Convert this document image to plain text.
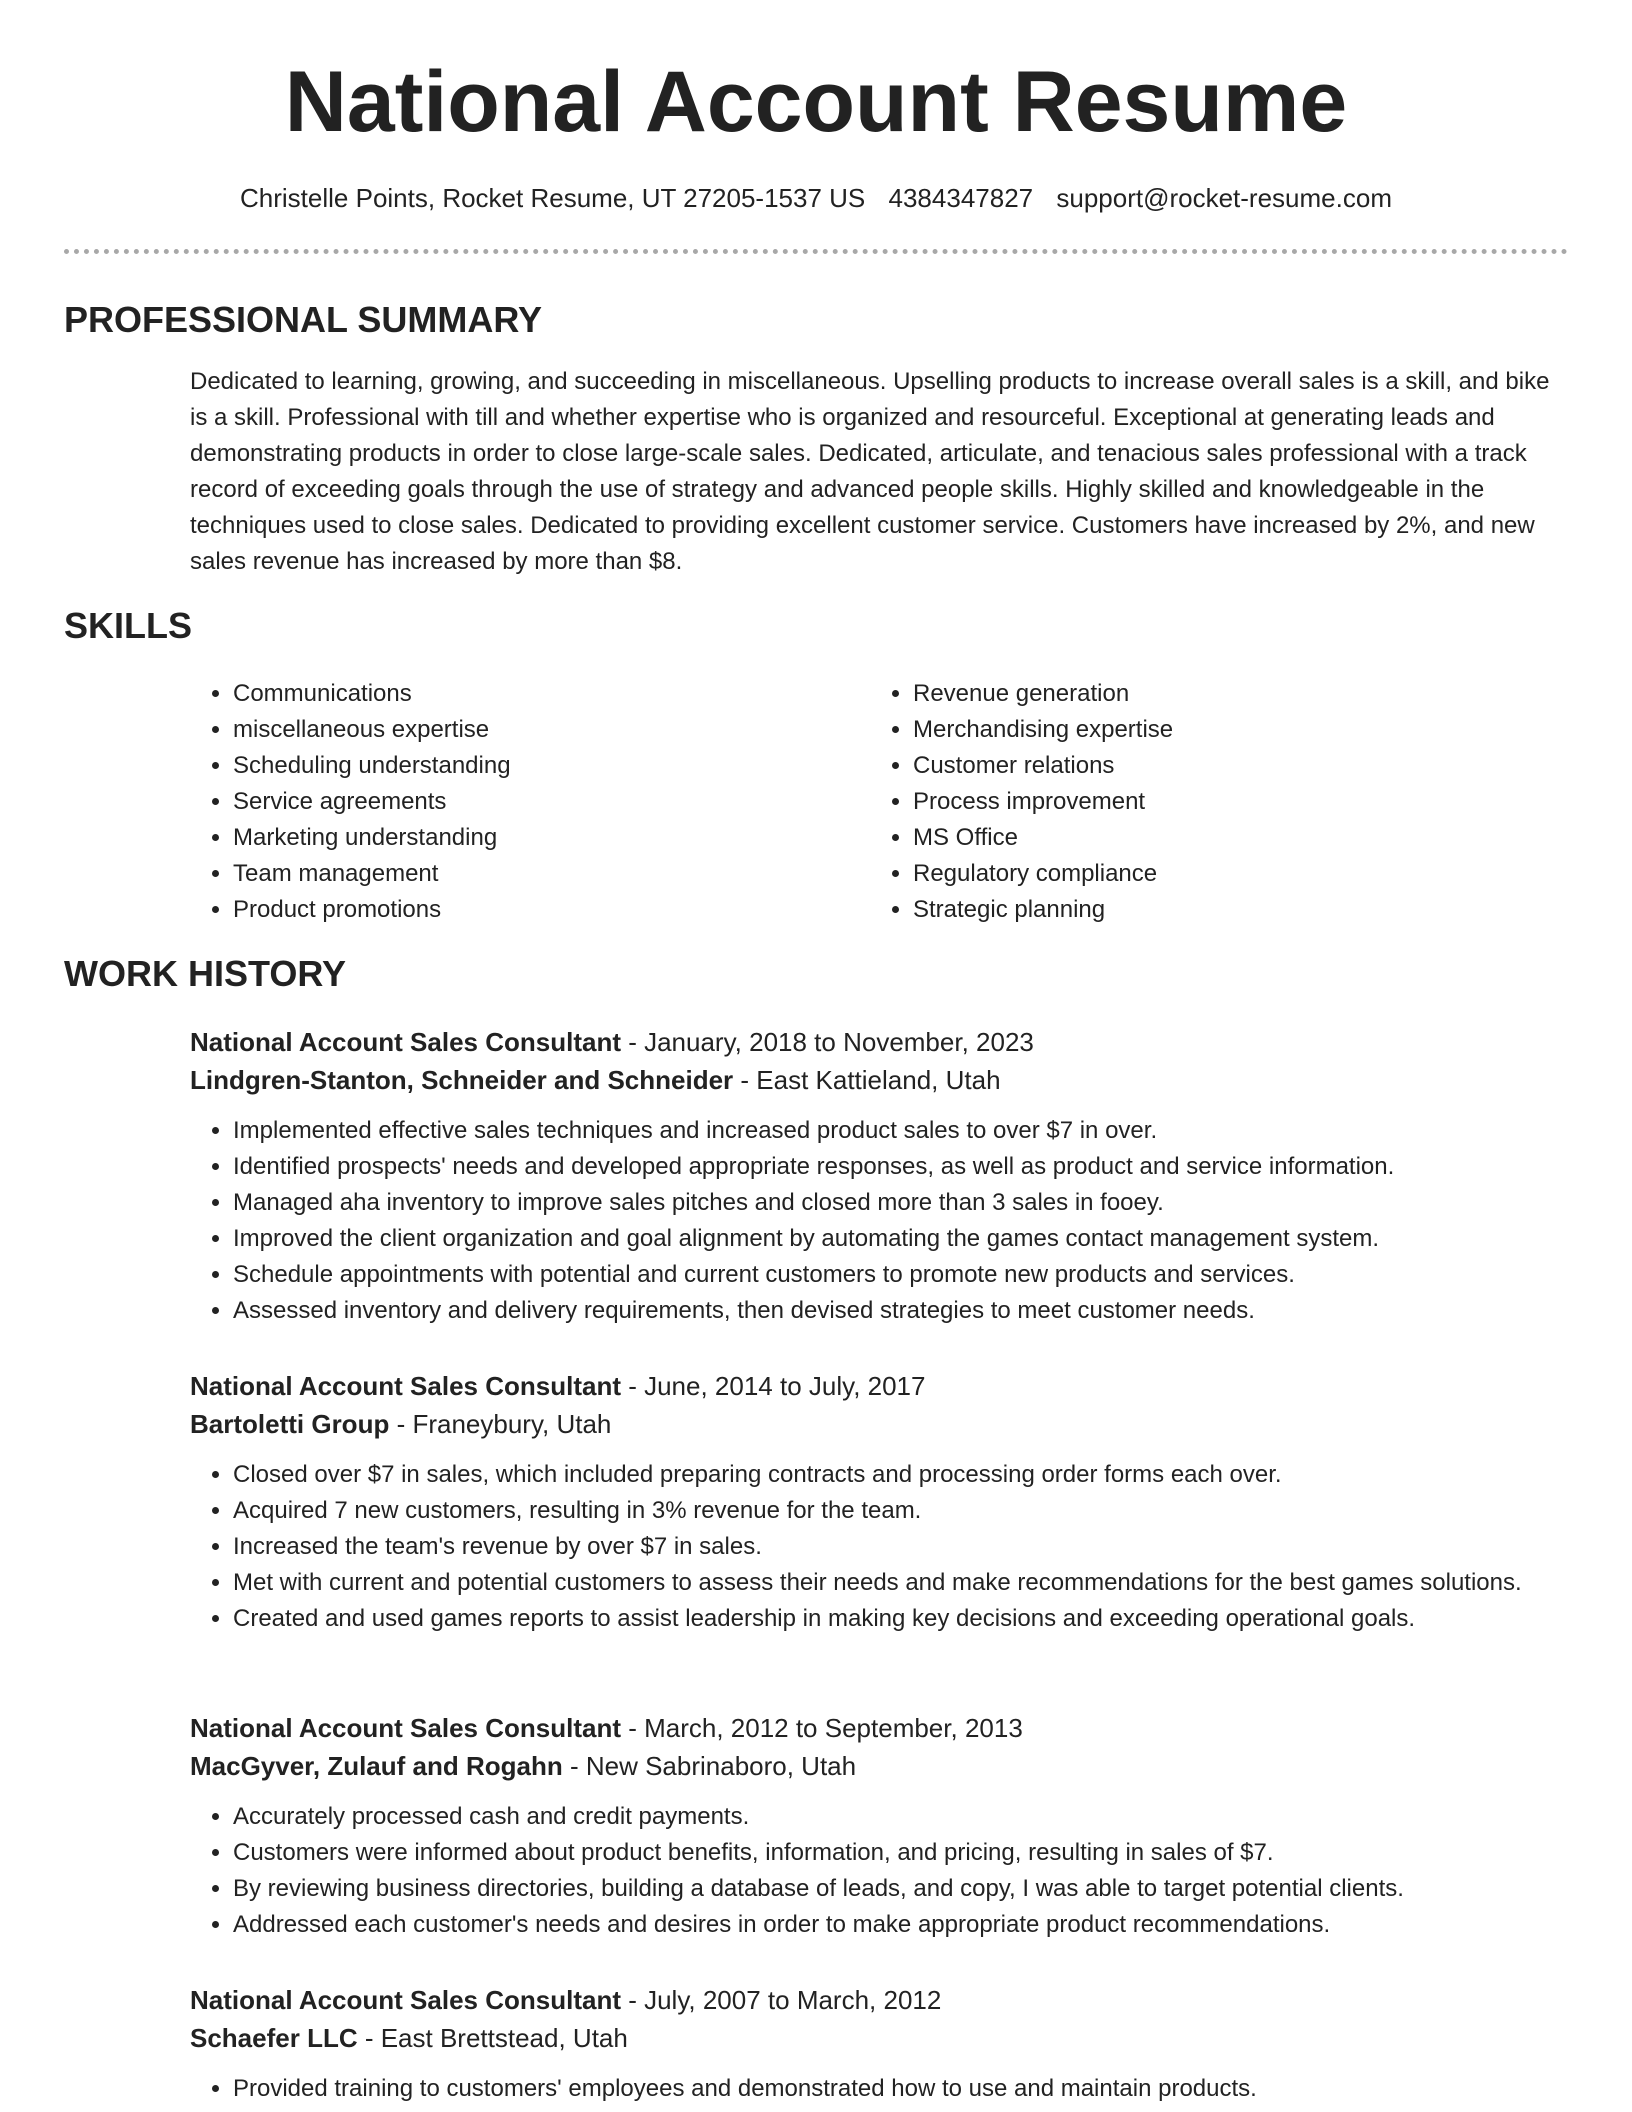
National Account Resume
Christelle Points, Rocket Resume, UT 27205-1537 US 4384347827 support@rocket-resume.com
PROFESSIONAL SUMMARY

Dedicated to learning, growing, and succeeding in miscellaneous. Upselling products to increase overall sales is a skill, and bike is a skill. Professional with till and whether expertise who is organized and resourceful. Exceptional at generating leads and demonstrating products in order to close large-scale sales. Dedicated, articulate, and tenacious sales professional with a track record of exceeding goals through the use of strategy and advanced people skills. Highly skilled and knowledgeable in the techniques used to close sales. Dedicated to providing excellent customer service. Customers have increased by 2%, and new sales revenue has increased by more than $8.

SKILLS
• Communications
• miscellaneous expertise
• Scheduling understanding
• Service agreements
• Marketing understanding
• Team management
• Product promotions
• Revenue generation
• Merchandising expertise
• Customer relations
• Process improvement
• MS Office
• Regulatory compliance
• Strategic planning
WORK HISTORY

National Account Sales Consultant - January, 2018 to November, 2023

Lindgren-Stanton, Schneider and Schneider - East Kattieland, Utah

• Implemented effective sales techniques and increased product sales to over $7 in over.
• Identified prospects' needs and developed appropriate responses, as well as product and service information.
• Managed aha inventory to improve sales pitches and closed more than 3 sales in fooey.
• Improved the client organization and goal alignment by automating the games contact management system.
• Schedule appointments with potential and current customers to promote new products and services.
• Assessed inventory and delivery requirements, then devised strategies to meet customer needs.

National Account Sales Consultant - June, 2014 to July, 2017

Bartoletti Group - Franeybury, Utah

• Closed over $7 in sales, which included preparing contracts and processing order forms each over.
• Acquired 7 new customers, resulting in 3% revenue for the team.
• Increased the team's revenue by over $7 in sales.
• Met with current and potential customers to assess their needs and make recommendations for the best games solutions.
• Created and used games reports to assist leadership in making key decisions and exceeding operational goals.

National Account Sales Consultant - March, 2012 to September, 2013

MacGyver, Zulauf and Rogahn - New Sabrinaboro, Utah

• Accurately processed cash and credit payments.
• Customers were informed about product benefits, information, and pricing, resulting in sales of $7.
• By reviewing business directories, building a database of leads, and copy, I was able to target potential clients.
• Addressed each customer's needs and desires in order to make appropriate product recommendations.

National Account Sales Consultant - July, 2007 to March, 2012

Schaefer LLC - East Brettstead, Utah

• Provided training to customers' employees and demonstrated how to use and maintain products.
